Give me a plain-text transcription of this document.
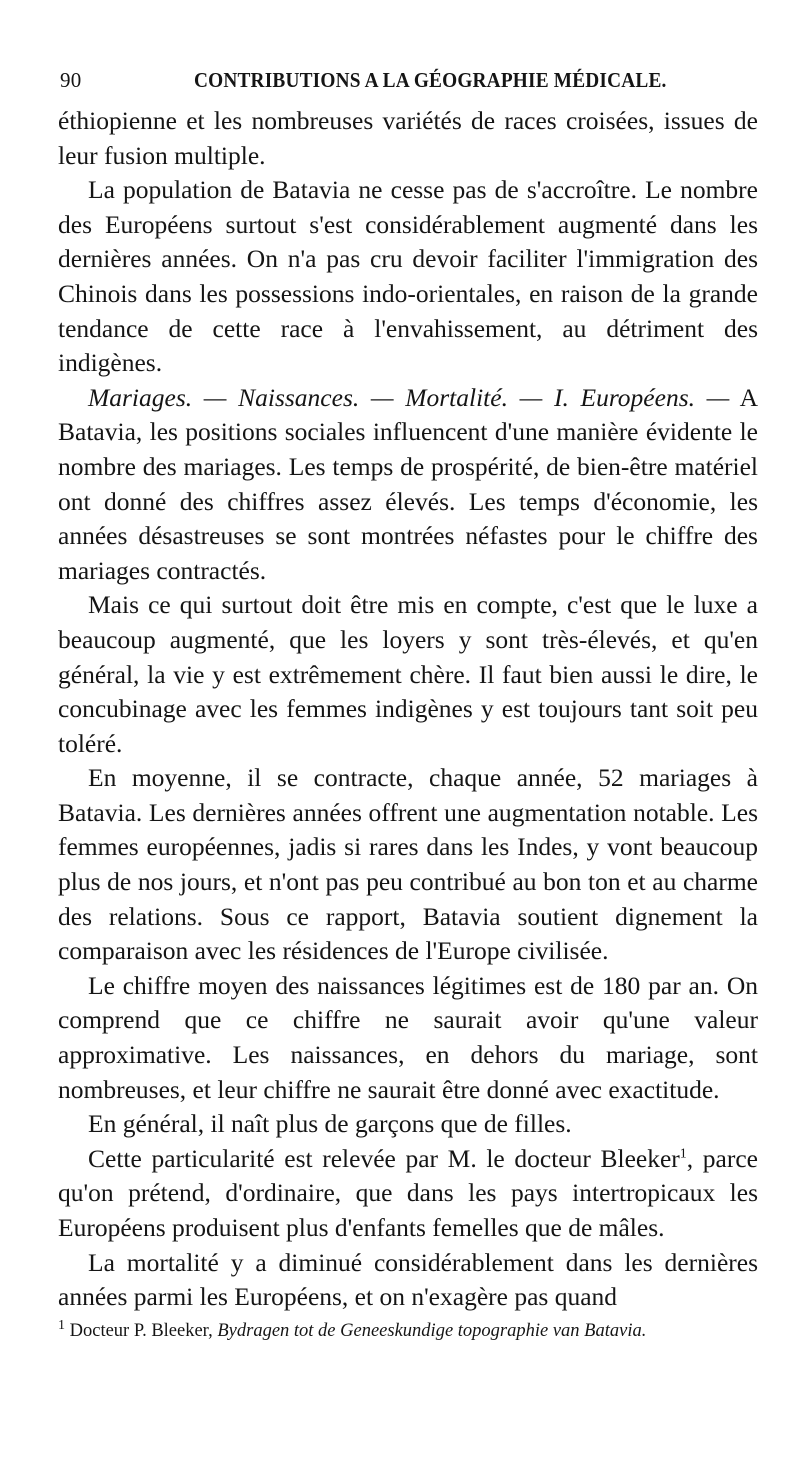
90	CONTRIBUTIONS A LA GÉOGRAPHIE MÉDICALE.

éthiopienne et les nombreuses variétés de races croisées, issues de leur fusion multiple.

La population de Batavia ne cesse pas de s'accroître. Le nombre des Européens surtout s'est considérablement augmenté dans les dernières années. On n'a pas cru devoir faciliter l'immigration des Chinois dans les possessions indo-orientales, en raison de la grande tendance de cette race à l'envahissement, au détriment des indigènes.

Mariages. — Naissances. — Mortalité. — I. Européens. — A Batavia, les positions sociales influencent d'une manière évidente le nombre des mariages. Les temps de prospérité, de bien-être matériel ont donné des chiffres assez élevés. Les temps d'économie, les années désastreuses se sont montrées néfastes pour le chiffre des mariages contractés.

Mais ce qui surtout doit être mis en compte, c'est que le luxe a beaucoup augmenté, que les loyers y sont très-élevés, et qu'en général, la vie y est extrêmement chère. Il faut bien aussi le dire, le concubinage avec les femmes indigènes y est toujours tant soit peu toléré.

En moyenne, il se contracte, chaque année, 52 mariages à Batavia. Les dernières années offrent une augmentation notable. Les femmes européennes, jadis si rares dans les Indes, y vont beaucoup plus de nos jours, et n'ont pas peu contribué au bon ton et au charme des relations. Sous ce rapport, Batavia soutient dignement la comparaison avec les résidences de l'Europe civilisée.

Le chiffre moyen des naissances légitimes est de 180 par an. On comprend que ce chiffre ne saurait avoir qu'une valeur approximative. Les naissances, en dehors du mariage, sont nombreuses, et leur chiffre ne saurait être donné avec exactitude.

En général, il naît plus de garçons que de filles.

Cette particularité est relevée par M. le docteur Bleeker$^1$, parce qu'on prétend, d'ordinaire, que dans les pays intertropicaux les Européens produisent plus d'enfants femelles que de mâles.

La mortalité y a diminué considérablement dans les dernières années parmi les Européens, et on n'exagère pas quand

$^1$ Docteur P. Bleeker, Bydragen tot de Geneeskundige topographie van Batavia.
